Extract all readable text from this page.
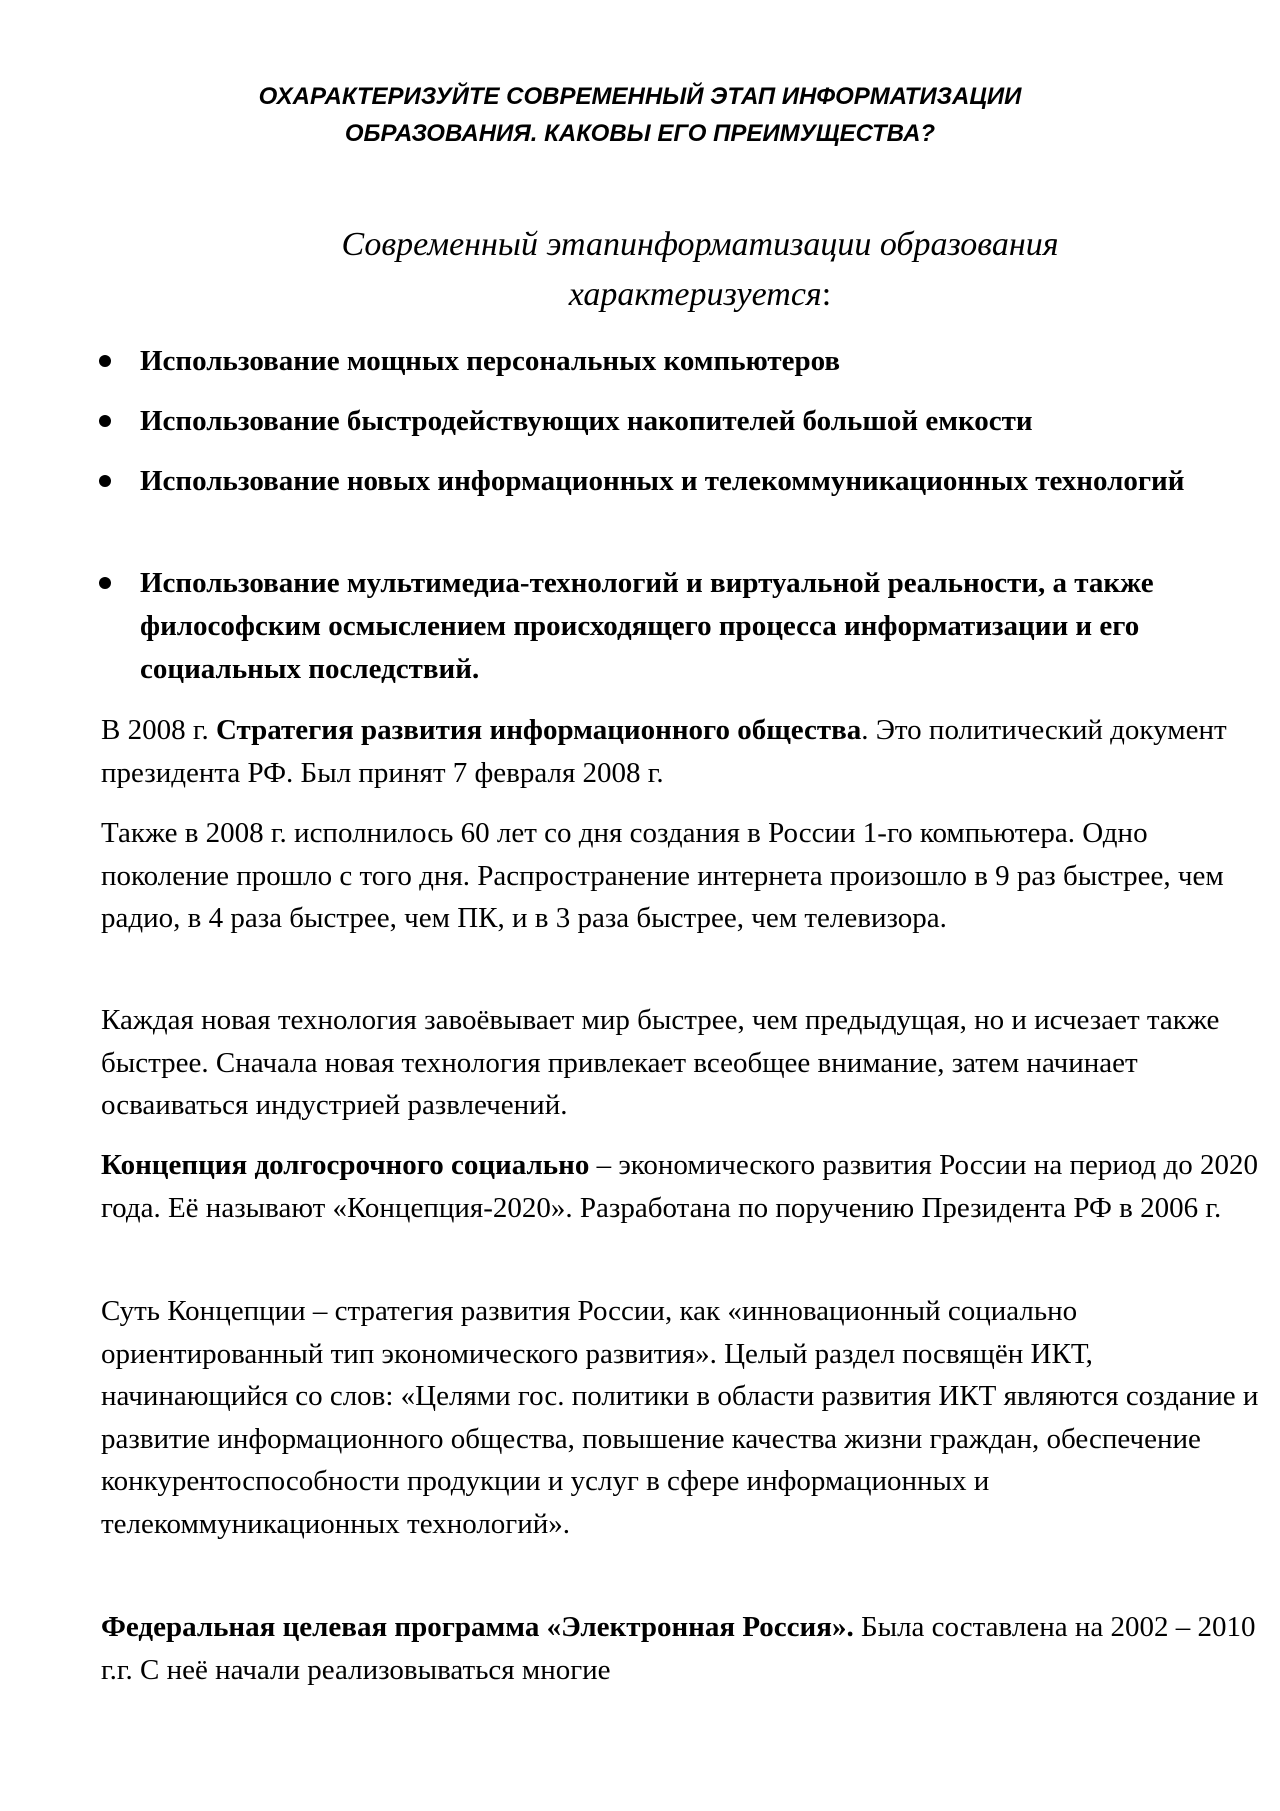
ОХАРАКТЕРИЗУЙТЕ СОВРЕМЕННЫЙ ЭТАП ИНФОРМАТИЗАЦИИ

ОБРАЗОВАНИЯ. КАКОВЫ ЕГО ПРЕИМУЩЕСТВА?

Современный этапинформатизации образования

характеризуется:

Использование мощных персональных компьютеров

Использование быстродействующих накопителей большой емкости

Использование новых информационных и телекоммуникационных технологий

Использование мультимедиа-технологий и виртуальной реальности, а также философским осмыслением происходящего процесса информатизации и его социальных последствий.

В 2008 г. Стратегия развития информационного общества. Это политический документ президента РФ. Был принят 7 февраля 2008 г.

Также в 2008 г. исполнилось 60 лет со дня создания в России 1-го компьютера. Одно поколение прошло с того дня. Распространение интернета произошло в 9 раз быстрее, чем радио, в 4 раза быстрее, чем ПК, и в 3 раза быстрее, чем телевизора.

Каждая новая технология завоёвывает мир быстрее, чем предыдущая, но и исчезает также быстрее. Сначала новая технология привлекает всеобщее внимание, затем начинает осваиваться индустрией развлечений.

Концепция долгосрочного социально – экономического развития России на период до 2020 года. Её называют «Концепция-2020». Разработана по поручению Президента РФ в 2006 г.

Суть Концепции – стратегия развития России, как «инновационный социально ориентированный тип экономического развития». Целый раздел посвящён ИКТ, начинающийся со слов: «Целями гос. политики в области развития ИКТ являются создание и развитие информационного общества, повышение качества жизни граждан, обеспечение конкурентоспособности продукции и услуг в сфере информационных и телекоммуникационных технологий».

Федеральная целевая программа «Электронная Россия». Была составлена на 2002 – 2010 г.г. С неё начали реализовываться многие
